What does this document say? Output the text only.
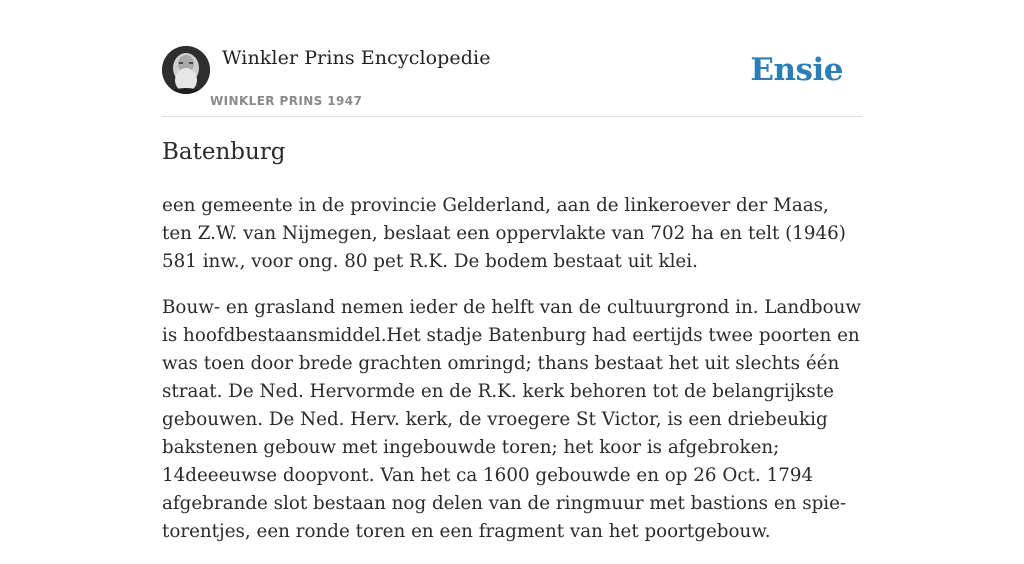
Winkler Prins Encyclopedie
WINKLER PRINS 1947
Ensie
Batenburg

een gemeente in de provincie Gelderland, aan de linkeroever der Maas, ten Z.W. van Nijmegen, beslaat een oppervlakte van 702 ha en telt (1946) 581 inw., voor ong. 80 pet R.K. De bodem bestaat uit klei.

Bouw- en grasland nemen ieder de helft van de cultuurgrond in. Landbouw is hoofdbestaansmiddel.Het stadje Batenburg had eertijds twee poorten en was toen door brede grachten omringd; thans bestaat het uit slechts één straat. De Ned. Hervormde en de R.K. kerk behoren tot de belangrijkste gebouwen. De Ned. Herv. kerk, de vroegere St Victor, is een driebeukig bakstenen gebouw met ingebouwde toren; het koor is afgebroken; 14deeeuwse doopvont. Van het ca 1600 gebouwde en op 26 Oct. 1794 afgebrande slot bestaan nog delen van de ringmuur met bastions en spie-torentjes, een ronde toren en een fragment van het poortgebouw.
